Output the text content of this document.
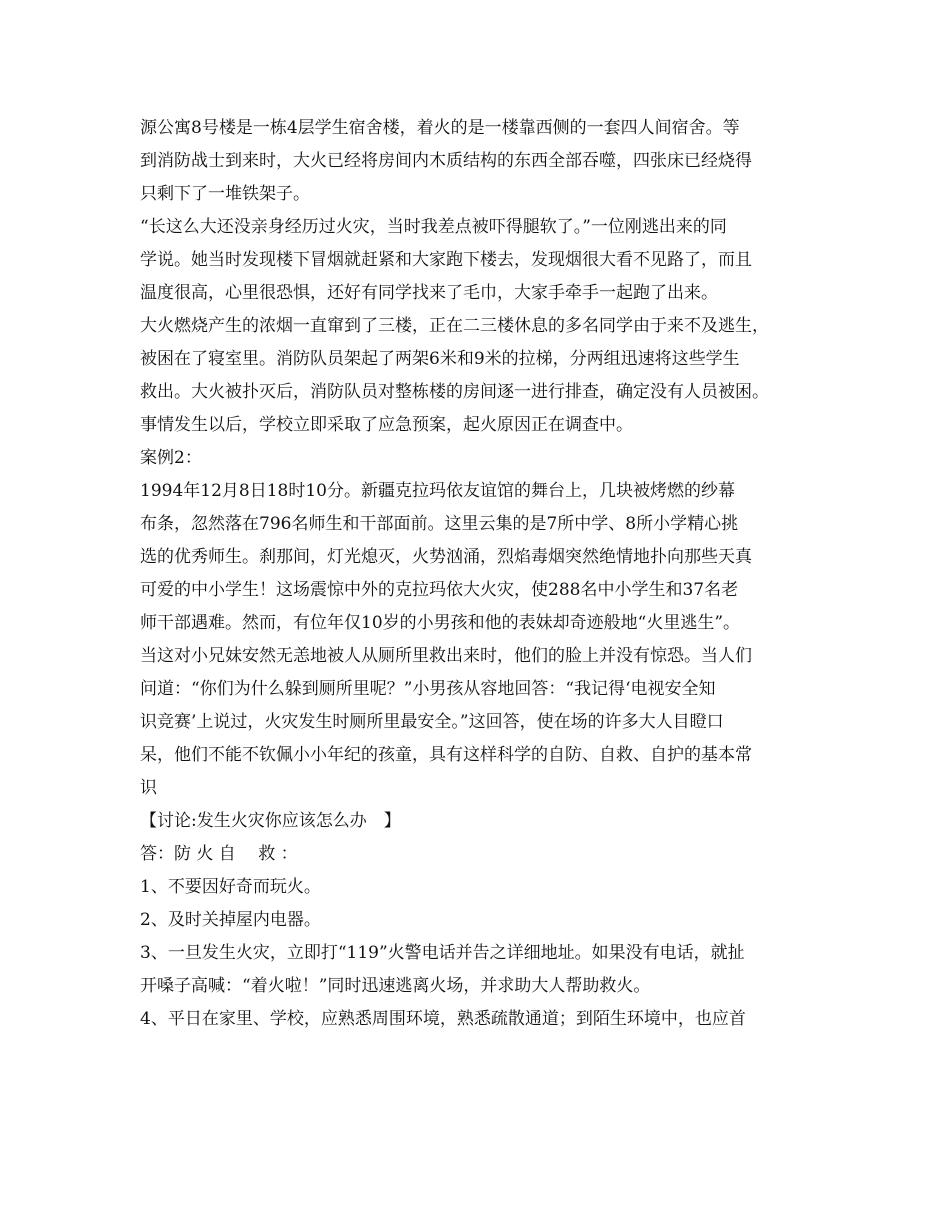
源公寓8号楼是一栋4层学生宿舍楼，着火的是一楼靠西侧的一套四人间宿舍。等
到消防战士到来时，大火已经将房间内木质结构的东西全部吞噬，四张床已经烧得
只剩下了一堆铁架子。
“长这么大还没亲身经历过火灾，当时我差点被吓得腿软了。”一位刚逃出来的同
学说。她当时发现楼下冒烟就赶紧和大家跑下楼去，发现烟很大看不见路了，而且
温度很高，心里很恐惧，还好有同学找来了毛巾，大家手牵手一起跑了出来。
大火燃烧产生的浓烟一直窜到了三楼，正在二三楼休息的多名同学由于来不及逃生，
被困在了寝室里。消防队员架起了两架6米和9米的拉梯，分两组迅速将这些学生
救出。大火被扑灭后，消防队员对整栋楼的房间逐一进行排查，确定没有人员被困。
事情发生以后，学校立即采取了应急预案，起火原因正在调查中。
案例2：
1994年12月8日18时10分。新疆克拉玛依友谊馆的舞台上，几块被烤燃的纱幕
布条，忽然落在796名师生和干部面前。这里云集的是7所中学、8所小学精心挑
选的优秀师生。刹那间，灯光熄灭，火势汹涌，烈焰毒烟突然绝情地扑向那些天真
可爱的中小学生！这场震惊中外的克拉玛依大火灾，使288名中小学生和37名老
师干部遇难。然而，有位年仅10岁的小男孩和他的表妹却奇迹般地“火里逃生”。
当这对小兄妹安然无恙地被人从厕所里救出来时，他们的脸上并没有惊恐。当人们
问道：“你们为什么躲到厕所里呢？”小男孩从容地回答：“我记得‘电视安全知
识竞赛’上说过，火灾发生时厕所里最安全。”这回答，使在场的许多大人目瞪口
呆，他们不能不钦佩小小年纪的孩童，具有这样科学的自防、自救、自护的基本常
识
【讨论:发生火灾你应该怎么办　】
答：防 火 自　 救 ：
1、不要因好奇而玩火。
2、及时关掉屋内电器。
3、一旦发生火灾，立即打“119”火警电话并告之详细地址。如果没有电话，就扯
开嗓子高喊：“着火啦！”同时迅速逃离火场，并求助大人帮助救火。
4、平日在家里、学校，应熟悉周围环境，熟悉疏散通道；到陌生环境中，也应首
